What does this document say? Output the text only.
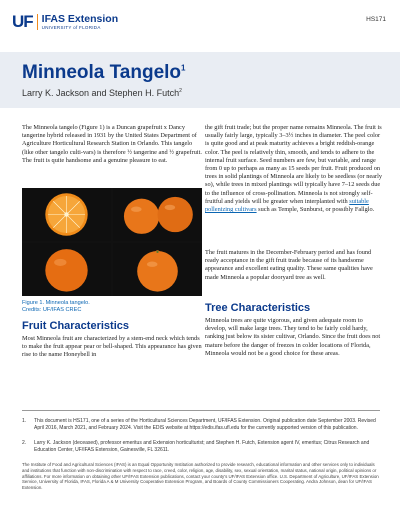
UF IFAS Extension
UNIVERSITY of FLORIDA
HS171
Minneola Tangelo$^1$
Larry K. Jackson and Stephen H. Futch$^2$

The Minneola tangelo (Figure 1) is a Duncan grapefruit x Dancy tangerine hybrid released in 1931 by the United States Department of Agriculture Horticultural Research Station in Orlando. This tangelo (like other tangelo culti-vars) is therefore ½ tangerine and ½ grapefruit. The fruit is quite handsome and a genuine pleasure to eat.

Figure 1. Minneola tangelo.
Credits: UF/IFAS CREC
Fruit Characteristics

Most Minneola fruit are characterized by a stem-end neck which tends to make the fruit appear pear or bell-shaped. This appearance has given rise to the name Honeybell in

the gift fruit trade; but the proper name remains Minneola. The fruit is usually fairly large, typically 3–3½ inches in diameter. The peel color is quite good and at peak maturity achieves a bright reddish-orange color. The peel is relatively thin, smooth, and tends to adhere to the internal fruit surface. Seed numbers are few, but variable, and range from 0 up to perhaps as many as 15 seeds per fruit. Fruit produced on trees in solid plantings of Minneola are likely to be seedless (or nearly so), while trees in mixed plantings will typically have 7–12 seeds due to the influence of cross-pollination. Minneola is not strongly self-fruitful and yields will be greater when interplanted with suitable pollenizing cultivars such as Temple, Sunburst, or possibly Fallglo.

The fruit matures in the December-February period and has found ready acceptance in the gift fruit trade because of its handsome appearance and excellent eating quality. These same qualities have made Minneola a popular dooryard tree as well.

Tree Characteristics

Minneola trees are quite vigorous, and given adequate room to develop, will make large trees. They tend to be fairly cold hardy, ranking just below its sister cultivar, Orlando. Since the fruit does not mature before the danger of freezes in colder locations of Florida, Minneola would not be a good choice for these areas.

1.	This document is HS171, one of a series of the Horticultural Sciences Department, UF/IFAS Extension. Original publication date September 2003. Revised April 2016, March 2021, and February 2024. Visit the EDIS website at https://edis.ifas.ufl.edu for the currently supported version of this publication.
2.	Larry K. Jackson (deceased), professor emeritus and Extension horticulturist; and Stephen H. Futch, Extension agent IV, emeritus; Citrus Research and Education Center, UF/IFAS Extension, Gainesville, FL 32611.

The Institute of Food and Agricultural Sciences (IFAS) is an Equal Opportunity Institution authorized to provide research, educational information and other services only to individuals and institutions that function with non-discrimination with respect to race, creed, color, religion, age, disability, sex, sexual orientation, marital status, national origin, political opinions or affiliations. For more information on obtaining other UF/IFAS Extension publications, contact your county's UF/IFAS Extension office. U.S. Department of Agriculture, UF/IFAS Extension Service, University of Florida, IFAS, Florida A & M University Cooperative Extension Program, and Boards of County Commissioners Cooperating. Andra Johnson, dean for UF/IFAS Extension.
